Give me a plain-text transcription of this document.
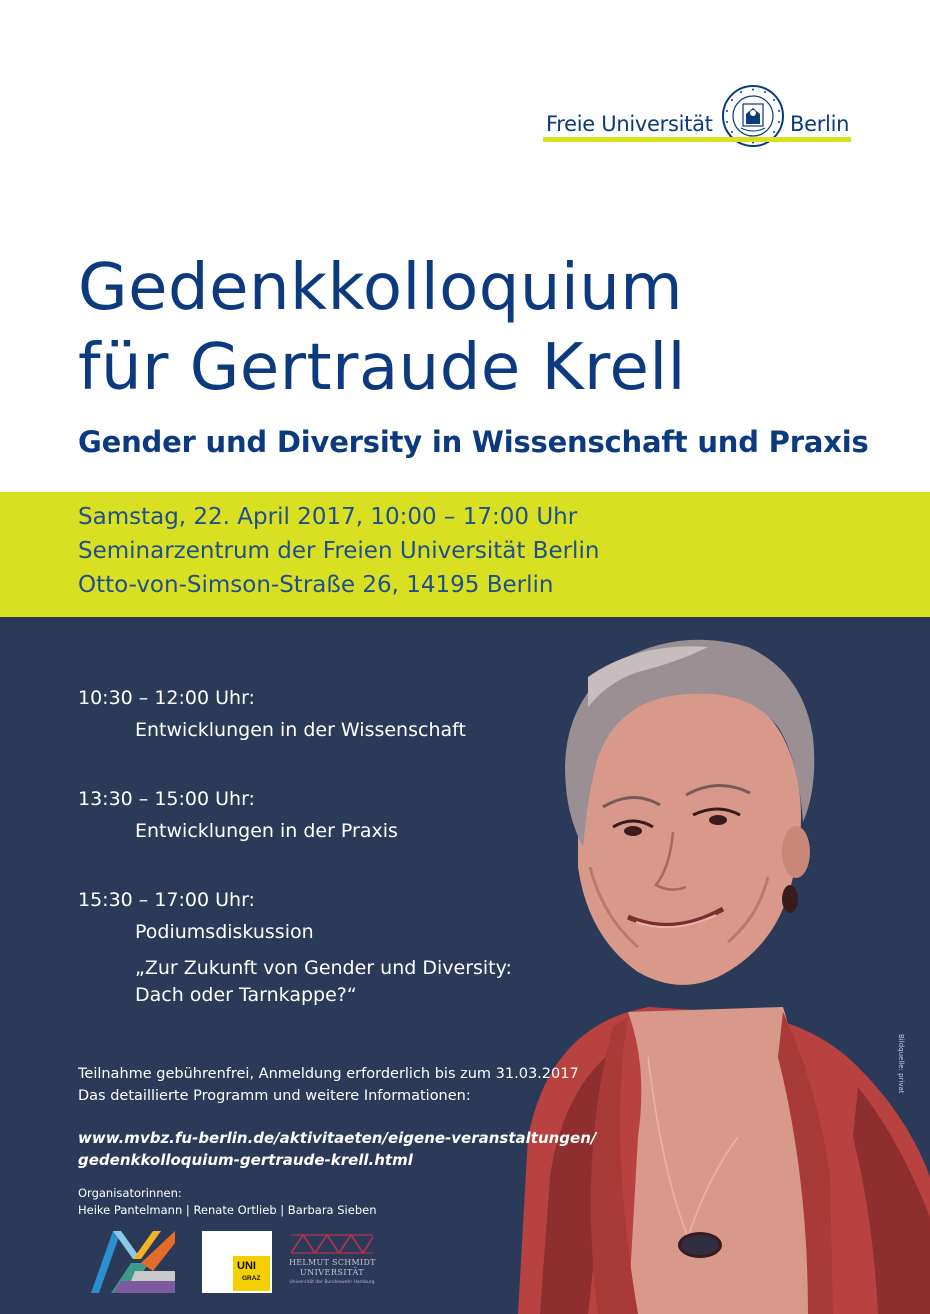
Freie Universität	Berlin
Gedenkkolloquium
für Gertraude Krell
Gender und Diversity in Wissenschaft und Praxis
Samstag, 22. April 2017, 10:00 – 17:00 Uhr
Seminarzentrum der Freien Universität Berlin
Otto-von-Simson-Straße 26, 14195 Berlin
10:30 – 12:00 Uhr:
Entwicklungen in der Wissenschaft
13:30 – 15:00 Uhr:
Entwicklungen in der Praxis
15:30 – 17:00 Uhr:
Podiumsdiskussion
„Zur Zukunft von Gender und Diversity:
Dach oder Tarnkappe?“
Teilnahme gebührenfrei, Anmeldung erforderlich bis zum 31.03.2017
Das detaillierte Programm und weitere Informationen:
www.mvbz.fu-berlin.de/aktivitaeten/eigene-veranstaltungen/
gedenkkolloquium-gertraude-krell.html
Organisatorinnen:
Heike Pantelmann | Renate Ortlieb | Barbara Sieben
Bildquelle: privat
UNI
GRAZ
HELMUT SCHMIDT
UNIVERSITÄT
Universität der Bundeswehr Hamburg
